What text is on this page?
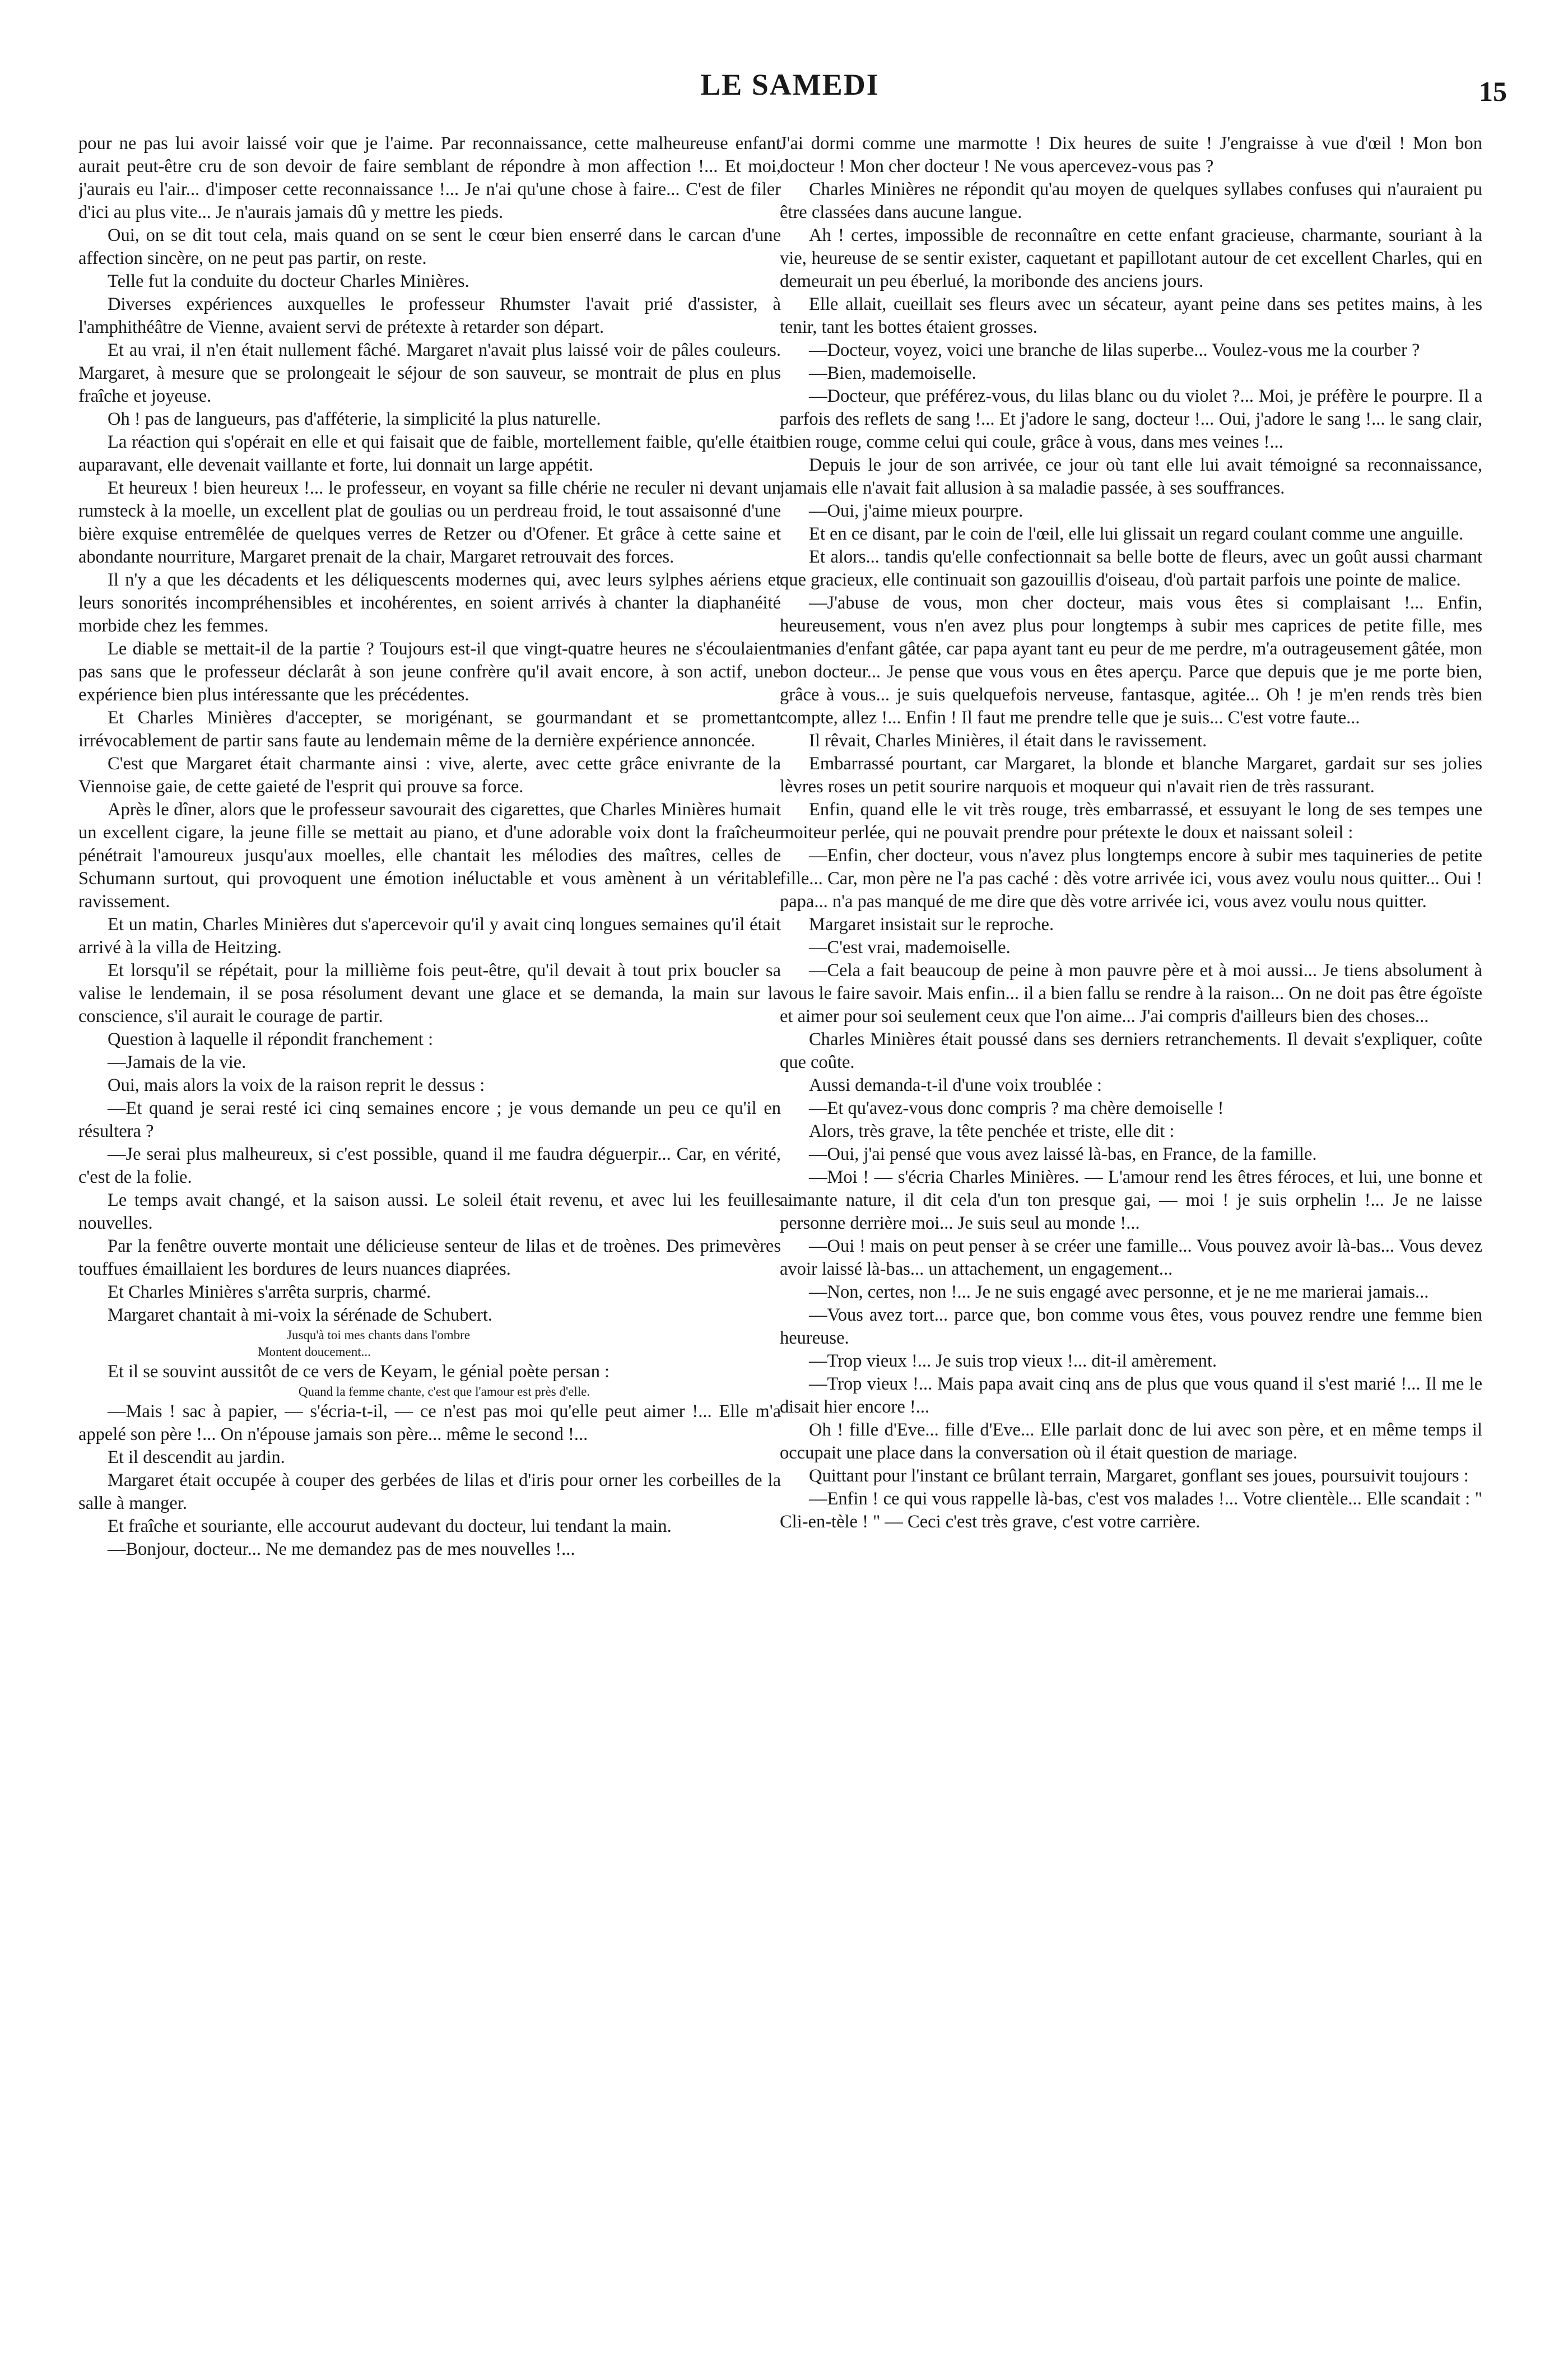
LE SAMEDI	15

pour ne pas lui avoir laissé voir que je l'aime. Par reconnaissance, cette malheureuse enfant aurait peut-être cru de son devoir de faire semblant de répondre à mon affection !... Et moi, j'aurais eu l'air... d'imposer cette reconnaissance !... Je n'ai qu'une chose à faire... C'est de filer d'ici au plus vite... Je n'aurais jamais dû y mettre les pieds.

Oui, on se dit tout cela, mais quand on se sent le cœur bien enserré dans le carcan d'une affection sincère, on ne peut pas partir, on reste.

Telle fut la conduite du docteur Charles Minières.

Diverses expériences auxquelles le professeur Rhumster l'avait prié d'assister, à l'amphithéâtre de Vienne, avaient servi de prétexte à retarder son départ.

Et au vrai, il n'en était nullement fâché. Margaret n'avait plus laissé voir de pâles couleurs. Margaret, à mesure que se prolongeait le séjour de son sauveur, se montrait de plus en plus fraîche et joyeuse.

Oh ! pas de langueurs, pas d'afféterie, la simplicité la plus naturelle.

La réaction qui s'opérait en elle et qui faisait que de faible, mortellement faible, qu'elle était auparavant, elle devenait vaillante et forte, lui donnait un large appétit.

Et heureux ! bien heureux !... le professeur, en voyant sa fille chérie ne reculer ni devant un rumsteck à la moelle, un excellent plat de goulias ou un perdreau froid, le tout assaisonné d'une bière exquise entremêlée de quelques verres de Retzer ou d'Ofener. Et grâce à cette saine et abondante nourriture, Margaret prenait de la chair, Margaret retrouvait des forces.

Il n'y a que les décadents et les déliquescents modernes qui, avec leurs sylphes aériens et leurs sonorités incompréhensibles et incohérentes, en soient arrivés à chanter la diaphanéité morbide chez les femmes.

Le diable se mettait-il de la partie ? Toujours est-il que vingt-quatre heures ne s'écoulaient pas sans que le professeur déclarât à son jeune confrère qu'il avait encore, à son actif, une expérience bien plus intéressante que les précédentes.

Et Charles Minières d'accepter, se morigénant, se gourmandant et se promettant irrévocablement de partir sans faute au lendemain même de la dernière expérience annoncée.

C'est que Margaret était charmante ainsi : vive, alerte, avec cette grâce enivrante de la Viennoise gaie, de cette gaieté de l'esprit qui prouve sa force.

Après le dîner, alors que le professeur savourait des cigarettes, que Charles Minières humait un excellent cigare, la jeune fille se mettait au piano, et d'une adorable voix dont la fraîcheur pénétrait l'amoureux jusqu'aux moelles, elle chantait les mélodies des maîtres, celles de Schumann surtout, qui provoquent une émotion inéluctable et vous amènent à un véritable ravissement.

Et un matin, Charles Minières dut s'apercevoir qu'il y avait cinq longues semaines qu'il était arrivé à la villa de Heitzing.

Et lorsqu'il se répétait, pour la millième fois peut-être, qu'il devait à tout prix boucler sa valise le lendemain, il se posa résolument devant une glace et se demanda, la main sur la conscience, s'il aurait le courage de partir.

Question à laquelle il répondit franchement :

—Jamais de la vie.

Oui, mais alors la voix de la raison reprit le dessus :

—Et quand je serai resté ici cinq semaines encore ; je vous demande un peu ce qu'il en résultera ?

—Je serai plus malheureux, si c'est possible, quand il me faudra déguerpir... Car, en vérité, c'est de la folie.

Le temps avait changé, et la saison aussi. Le soleil était revenu, et avec lui les feuilles nouvelles.

Par la fenêtre ouverte montait une délicieuse senteur de lilas et de troènes. Des primevères touffues émaillaient les bordures de leurs nuances diaprées.

Et Charles Minières s'arrêta surpris, charmé.

Margaret chantait à mi-voix la sérénade de Schubert.

Jusqu'à toi mes chants dans l'ombre
Montent doucement...

Et il se souvint aussitôt de ce vers de Keyam, le génial poète persan :

Quand la femme chante, c'est que l'amour est près d'elle.

—Mais ! sac à papier, — s'écria-t-il, — ce n'est pas moi qu'elle peut aimer !... Elle m'a appelé son père !... On n'épouse jamais son père... même le second !...

Et il descendit au jardin.

Margaret était occupée à couper des gerbées de lilas et d'iris pour orner les corbeilles de la salle à manger.

Et fraîche et souriante, elle accourut audevant du docteur, lui tendant la main.

—Bonjour, docteur... Ne me demandez pas de mes nouvelles !...

J'ai dormi comme une marmotte ! Dix heures de suite ! J'engraisse à vue d'œil ! Mon bon docteur ! Mon cher docteur ! Ne vous apercevez-vous pas ?

Charles Minières ne répondit qu'au moyen de quelques syllabes confuses qui n'auraient pu être classées dans aucune langue.

Ah ! certes, impossible de reconnaître en cette enfant gracieuse, charmante, souriant à la vie, heureuse de se sentir exister, caquetant et papillotant autour de cet excellent Charles, qui en demeurait un peu éberlué, la moribonde des anciens jours.

Elle allait, cueillait ses fleurs avec un sécateur, ayant peine dans ses petites mains, à les tenir, tant les bottes étaient grosses.

—Docteur, voyez, voici une branche de lilas superbe... Voulez-vous me la courber ?

—Bien, mademoiselle.

—Docteur, que préférez-vous, du lilas blanc ou du violet ?... Moi, je préfère le pourpre. Il a parfois des reflets de sang !... Et j'adore le sang, docteur !... Oui, j'adore le sang !... le sang clair, bien rouge, comme celui qui coule, grâce à vous, dans mes veines !...

Depuis le jour de son arrivée, ce jour où tant elle lui avait témoigné sa reconnaissance, jamais elle n'avait fait allusion à sa maladie passée, à ses souffrances.

—Oui, j'aime mieux pourpre.

Et en ce disant, par le coin de l'œil, elle lui glissait un regard coulant comme une anguille.

Et alors... tandis qu'elle confectionnait sa belle botte de fleurs, avec un goût aussi charmant que gracieux, elle continuait son gazouillis d'oiseau, d'où partait parfois une pointe de malice.

—J'abuse de vous, mon cher docteur, mais vous êtes si complaisant !... Enfin, heureusement, vous n'en avez plus pour longtemps à subir mes caprices de petite fille, mes manies d'enfant gâtée, car papa ayant tant eu peur de me perdre, m'a outrageusement gâtée, mon bon docteur... Je pense que vous vous en êtes aperçu. Parce que depuis que je me porte bien, grâce à vous... je suis quelquefois nerveuse, fantasque, agitée... Oh ! je m'en rends très bien compte, allez !... Enfin ! Il faut me prendre telle que je suis... C'est votre faute...

Il rêvait, Charles Minières, il était dans le ravissement.

Embarrassé pourtant, car Margaret, la blonde et blanche Margaret, gardait sur ses jolies lèvres roses un petit sourire narquois et moqueur qui n'avait rien de très rassurant.

Enfin, quand elle le vit très rouge, très embarrassé, et essuyant le long de ses tempes une moiteur perlée, qui ne pouvait prendre pour prétexte le doux et naissant soleil :

—Enfin, cher docteur, vous n'avez plus longtemps encore à subir mes taquineries de petite fille... Car, mon père ne l'a pas caché : dès votre arrivée ici, vous avez voulu nous quitter... Oui ! papa... n'a pas manqué de me dire que dès votre arrivée ici, vous avez voulu nous quitter.

Margaret insistait sur le reproche.

—C'est vrai, mademoiselle.

—Cela a fait beaucoup de peine à mon pauvre père et à moi aussi... Je tiens absolument à vous le faire savoir. Mais enfin... il a bien fallu se rendre à la raison... On ne doit pas être égoïste et aimer pour soi seulement ceux que l'on aime... J'ai compris d'ailleurs bien des choses...

Charles Minières était poussé dans ses derniers retranchements. Il devait s'expliquer, coûte que coûte.

Aussi demanda-t-il d'une voix troublée :

—Et qu'avez-vous donc compris ? ma chère demoiselle !

Alors, très grave, la tête penchée et triste, elle dit :

—Oui, j'ai pensé que vous avez laissé là-bas, en France, de la famille.

—Moi ! — s'écria Charles Minières. — L'amour rend les êtres féroces, et lui, une bonne et aimante nature, il dit cela d'un ton presque gai, — moi ! je suis orphelin !... Je ne laisse personne derrière moi... Je suis seul au monde !...

—Oui ! mais on peut penser à se créer une famille... Vous pouvez avoir là-bas... Vous devez avoir laissé là-bas... un attachement, un engagement...

—Non, certes, non !... Je ne suis engagé avec personne, et je ne me marierai jamais...

—Vous avez tort... parce que, bon comme vous êtes, vous pouvez rendre une femme bien heureuse.

—Trop vieux !... Je suis trop vieux !... dit-il amèrement.

—Trop vieux !... Mais papa avait cinq ans de plus que vous quand il s'est marié !... Il me le disait hier encore !...

Oh ! fille d'Eve... fille d'Eve... Elle parlait donc de lui avec son père, et en même temps il occupait une place dans la conversation où il était question de mariage.

Quittant pour l'instant ce brûlant terrain, Margaret, gonflant ses joues, poursuivit toujours :

—Enfin ! ce qui vous rappelle là-bas, c'est vos malades !... Votre clientèle... Elle scandait : " Cli-en-tèle ! " — Ceci c'est très grave, c'est votre carrière.
